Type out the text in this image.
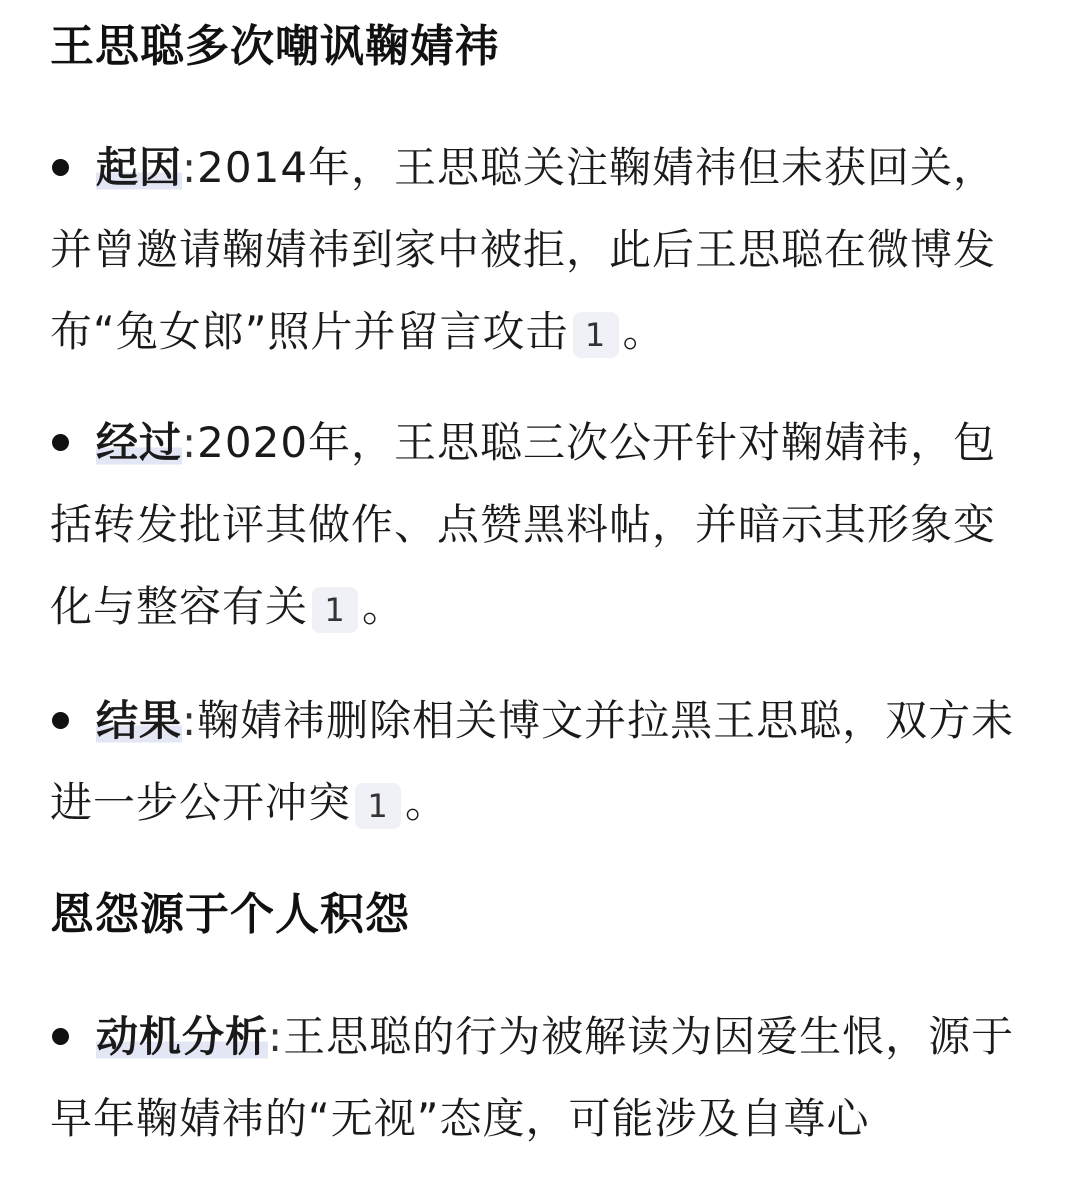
王思聪多次嘲讽鞠婧祎

起因:2014年，王思聪关注鞠婧祎但未获回关，并曾邀请鞠婧祎到家中被拒，此后王思聪在微博发布“兔女郎”照片并留言攻击 1 。

经过:2020年，王思聪三次公开针对鞠婧祎，包括转发批评其做作、点赞黑料帖，并暗示其形象变化与整容有关 1 。

结果:鞠婧祎删除相关博文并拉黑王思聪，双方未进一步公开冲突 1 。

恩怨源于个人积怨

动机分析:王思聪的行为被解读为因爱生恨，源于早年鞠婧祎的“无视”态度，可能涉及自尊心
